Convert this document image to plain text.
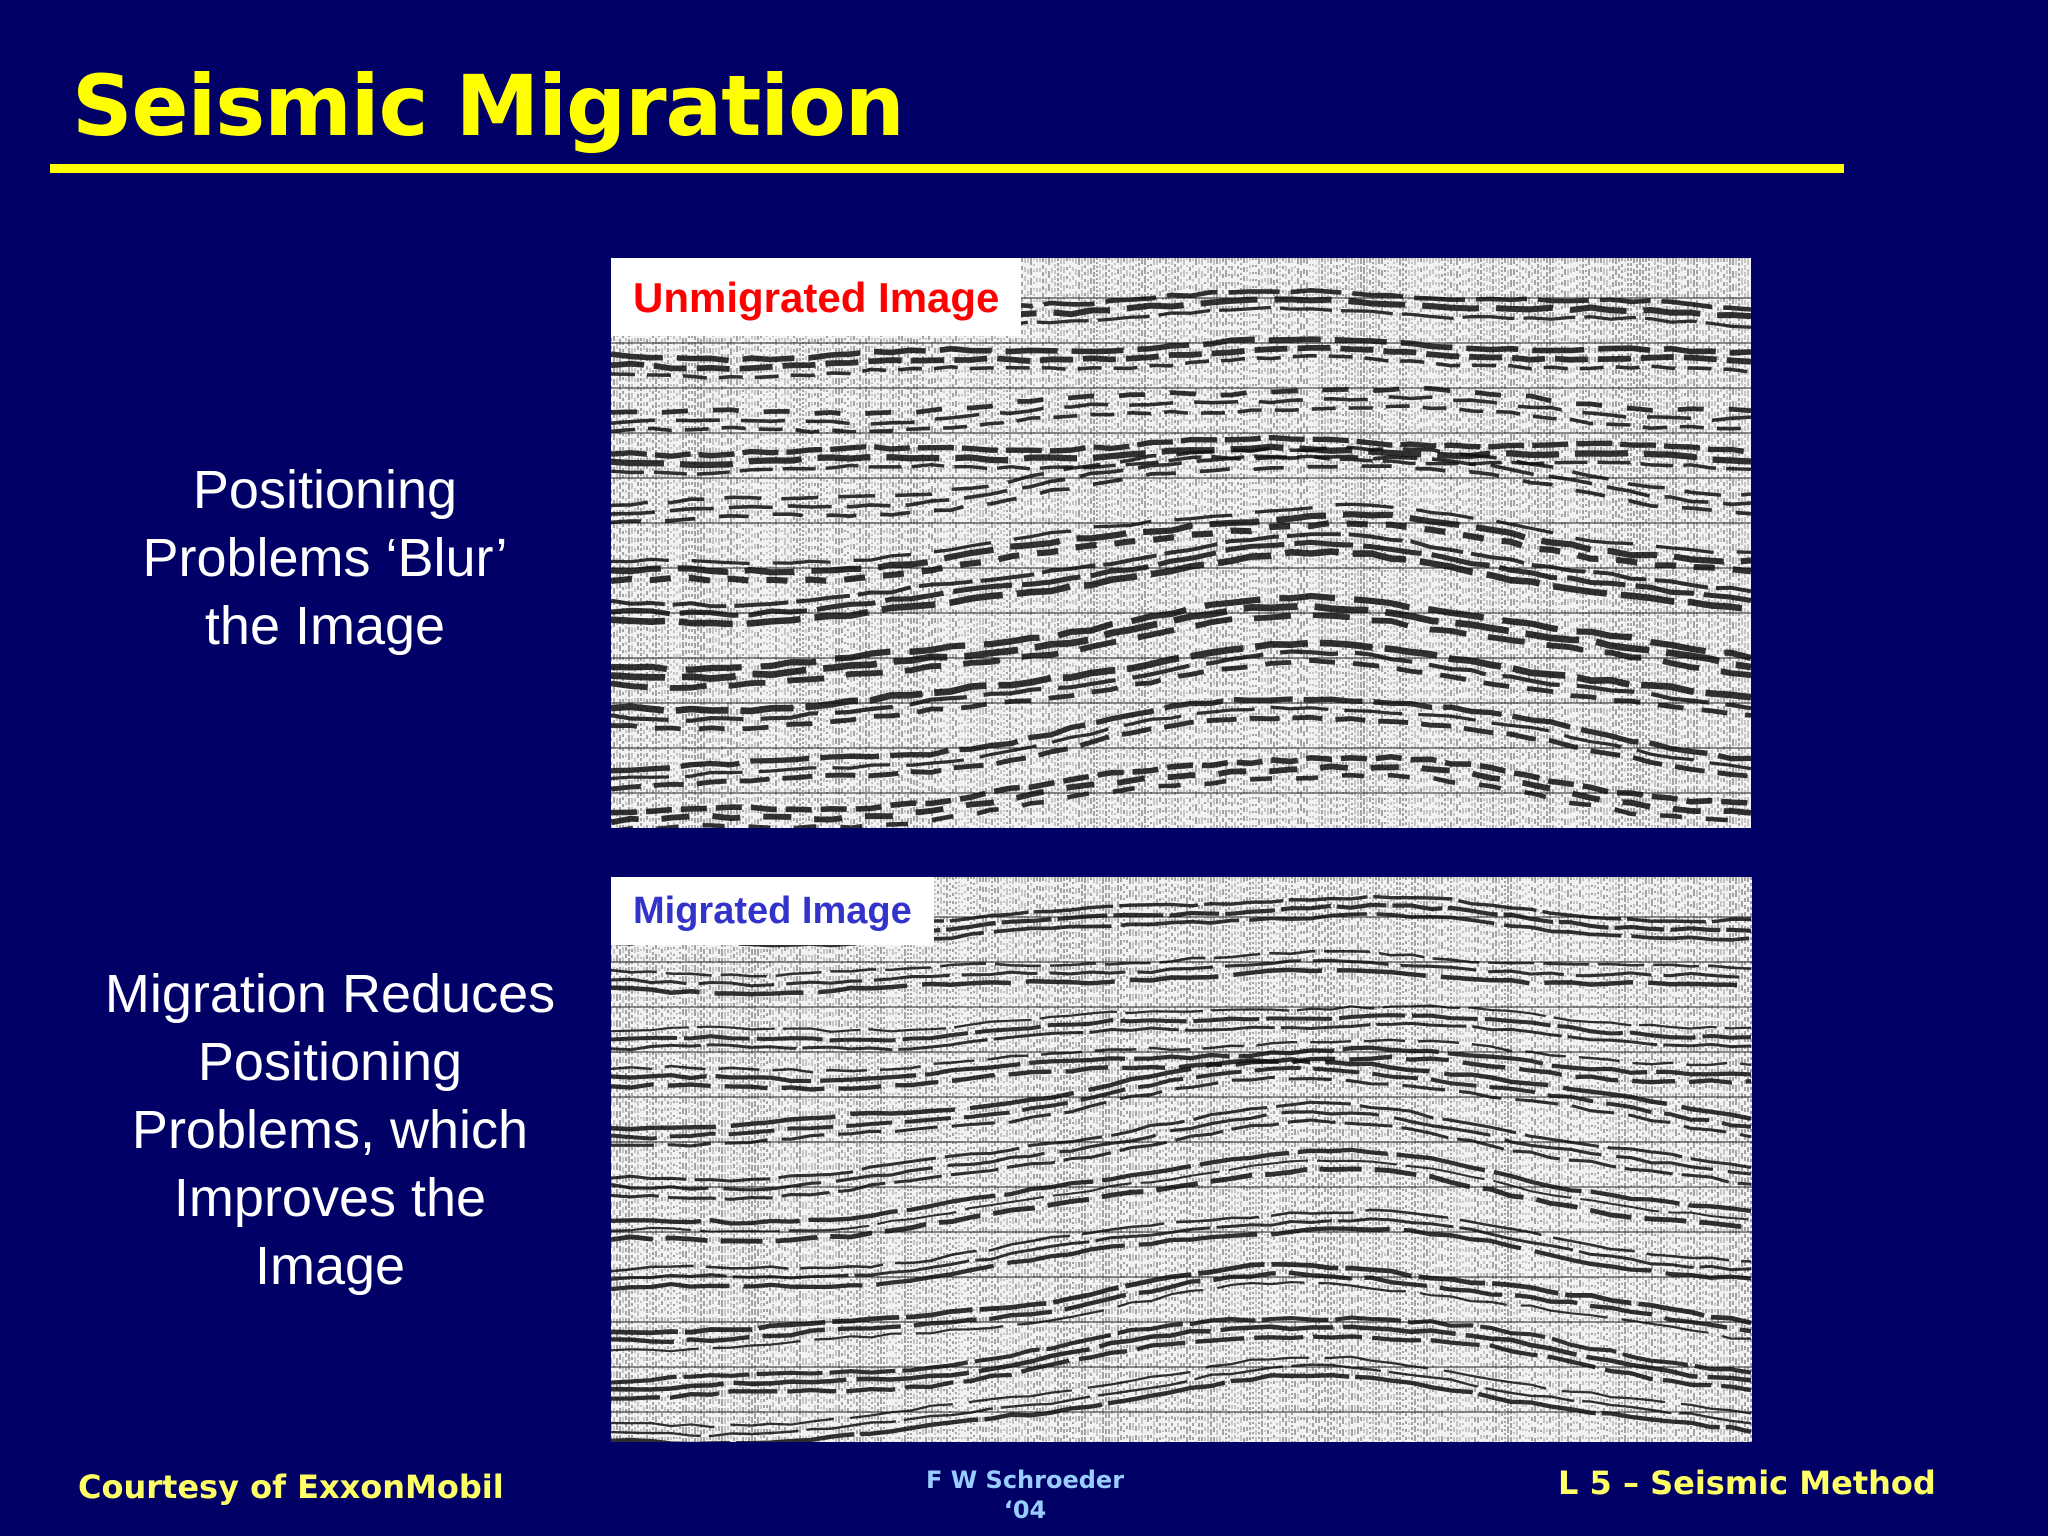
Seismic Migration
Positioning
Problems ‘Blur’
the Image
Migration Reduces
Positioning
Problems, which
Improves the
Image
Unmigrated Image
Migrated Image
Courtesy of ExxonMobil	F W Schroeder
‘04
L 5 – Seismic Method
